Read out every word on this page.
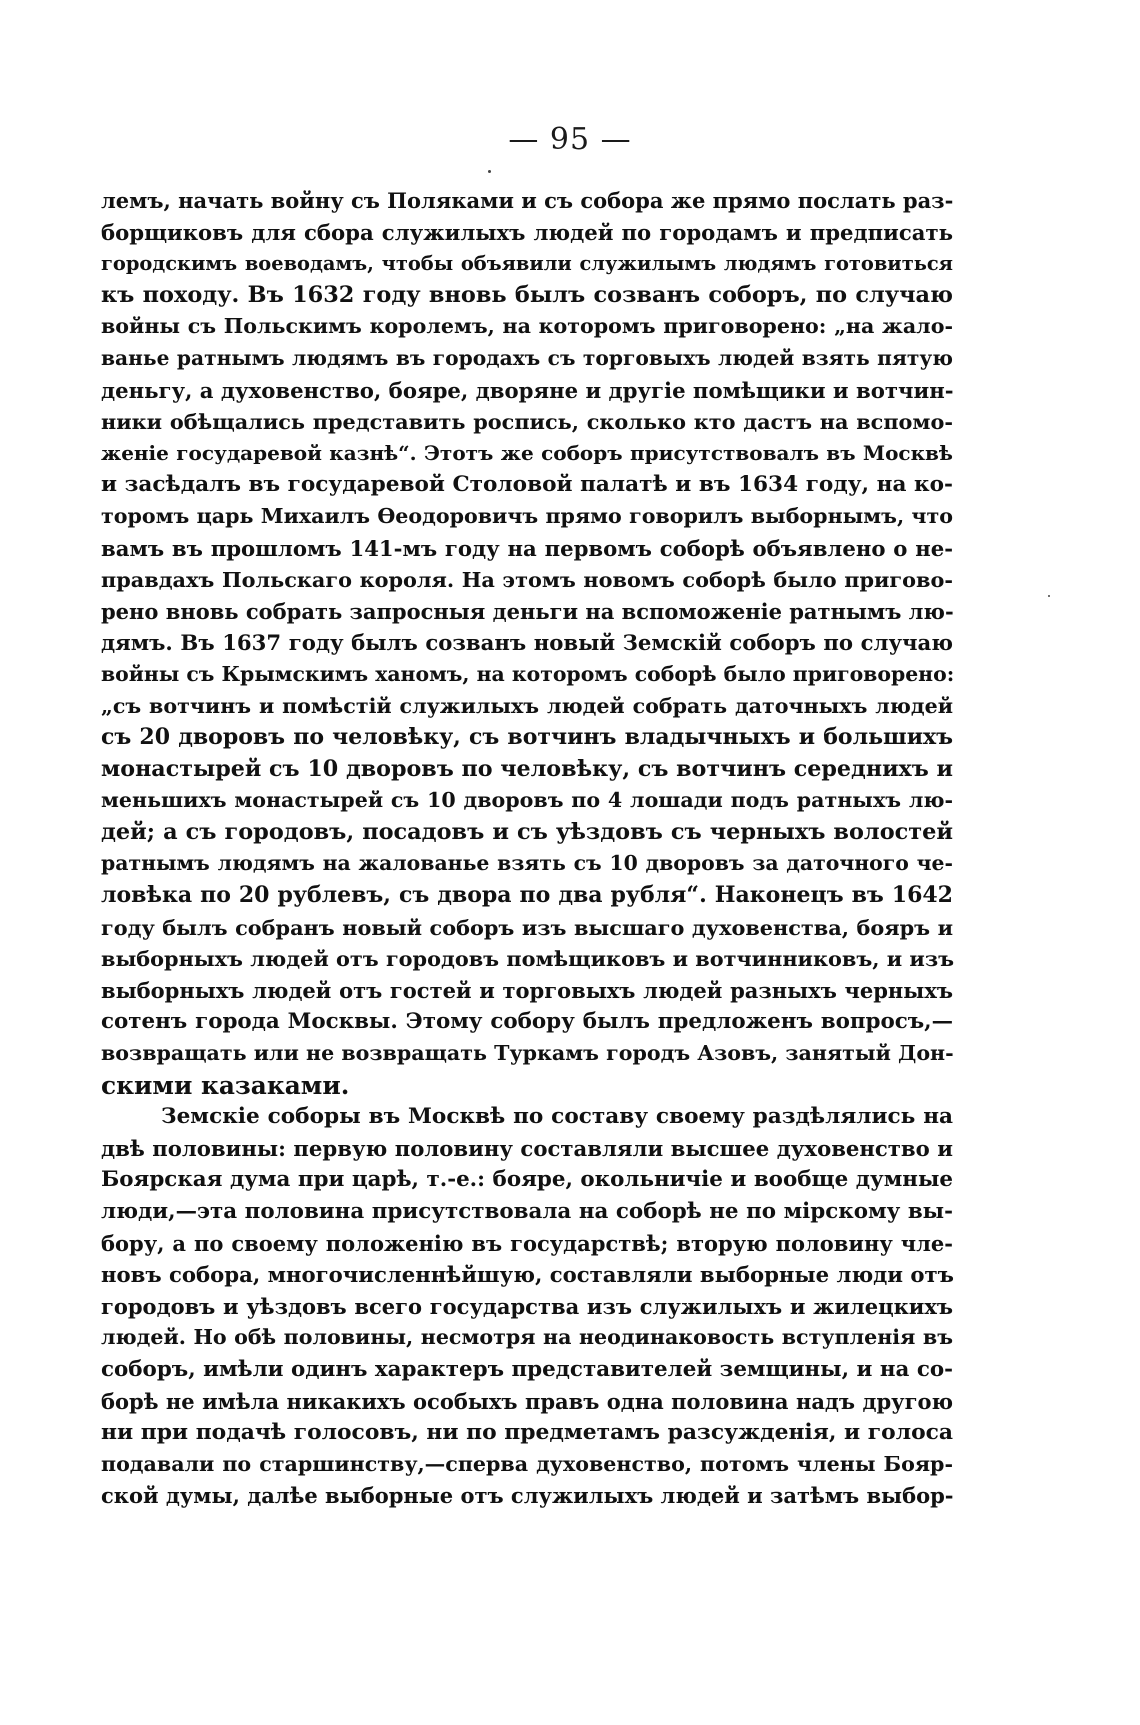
— 95 —
лемъ, начать войну съ Поляками и съ собора же прямо послать раз-
борщиковъ для сбора служилыхъ людей по городамъ и предписать
городскимъ воеводамъ, чтобы объявили служилымъ людямъ готовиться
къ походу. Въ 1632 году вновь былъ созванъ соборъ, по случаю
войны съ Польскимъ королемъ, на которомъ приговорено: „на жало-
ванье ратнымъ людямъ въ городахъ съ торговыхъ людей взять пятую
деньгу, а духовенство, бояре, дворяне и другіе помѣщики и вотчин-
ники обѣщались представить роспись, сколько кто дастъ на вспомо-
женіе государевой казнѣ“. Этотъ же соборъ присутствовалъ въ Москвѣ
и засѣдалъ въ государевой Столовой палатѣ и въ 1634 году, на ко-
торомъ царь Михаилъ Өеодоровичъ прямо говорилъ выборнымъ, что
вамъ въ прошломъ 141-мъ году на первомъ соборѣ объявлено о не-
правдахъ Польскаго короля. На этомъ новомъ соборѣ было пригово-
рено вновь собрать запросныя деньги на вспоможеніе ратнымъ лю-
дямъ. Въ 1637 году былъ созванъ новый Земскій соборъ по случаю
войны съ Крымскимъ ханомъ, на которомъ соборѣ было приговорено:
„съ вотчинъ и помѣстій служилыхъ людей собрать даточныхъ людей
съ 20 дворовъ по человѣку, съ вотчинъ владычныхъ и большихъ
монастырей съ 10 дворовъ по человѣку, съ вотчинъ середнихъ и
меньшихъ монастырей съ 10 дворовъ по 4 лошади подъ ратныхъ лю-
дей; а съ городовъ, посадовъ и съ уѣздовъ съ черныхъ волостей
ратнымъ людямъ на жалованье взять съ 10 дворовъ за даточного че-
ловѣка по 20 рублевъ, съ двора по два рубля“. Наконецъ въ 1642
году былъ собранъ новый соборъ изъ высшаго духовенства, бояръ и
выборныхъ людей отъ городовъ помѣщиковъ и вотчинниковъ, и изъ
выборныхъ людей отъ гостей и торговыхъ людей разныхъ черныхъ
сотенъ города Москвы. Этому собору былъ предложенъ вопросъ,—
возвращать или не возвращать Туркамъ городъ Азовъ, занятый Дон-
скими казаками.
Земскіе соборы въ Москвѣ по составу своему раздѣлялись на
двѣ половины: первую половину составляли высшее духовенство и
Боярская дума при царѣ, т.-е.: бояре, окольничіе и вообще думные
люди,—эта половина присутствовала на соборѣ не по мірскому вы-
бору, а по своему положенію въ государствѣ; вторую половину чле-
новъ собора, многочисленнѣйшую, составляли выборные люди отъ
городовъ и уѣздовъ всего государства изъ служилыхъ и жилецкихъ
людей. Но обѣ половины, несмотря на неодинаковость вступленія въ
соборъ, имѣли одинъ характеръ представителей земщины, и на со-
борѣ не имѣла никакихъ особыхъ правъ одна половина надъ другою
ни при подачѣ голосовъ, ни по предметамъ разсужденія, и голоса
подавали по старшинству,—сперва духовенство, потомъ члены Бояр-
ской думы, далѣе выборные отъ служилыхъ людей и затѣмъ выбор-
